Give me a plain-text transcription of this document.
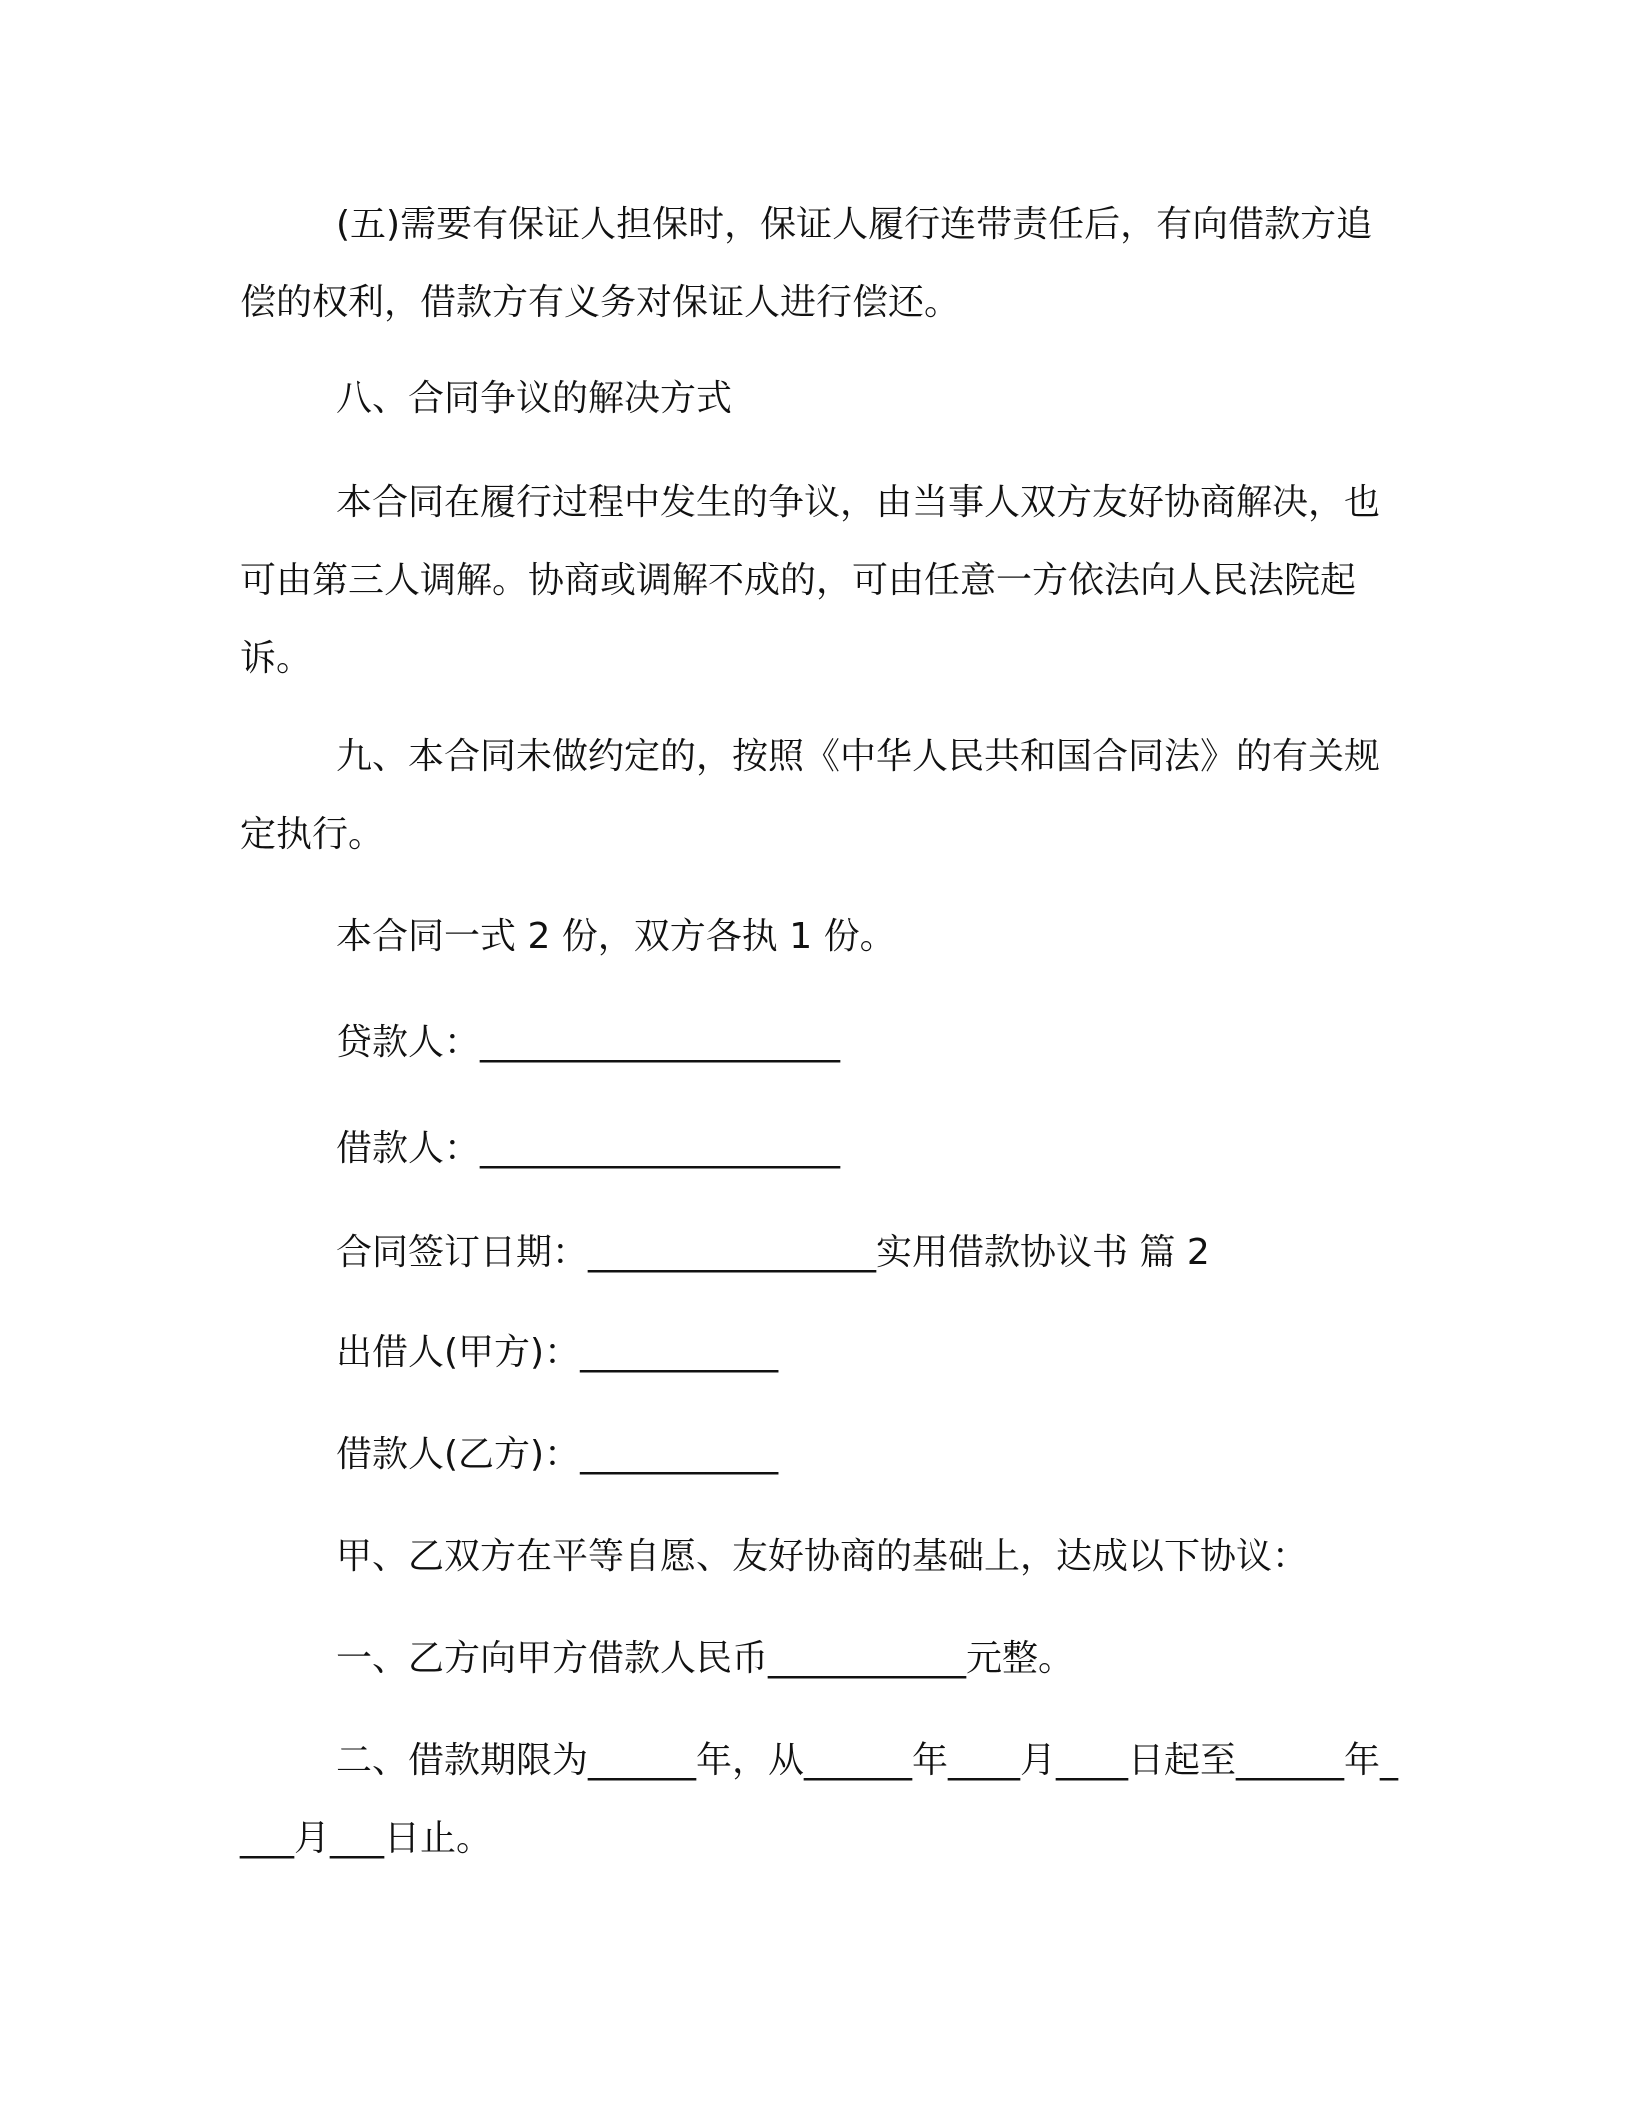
(五)需要有保证人担保时，保证人履行连带责任后，有向借款方追偿的权利，借款方有义务对保证人进行偿还。

八、合同争议的解决方式

本合同在履行过程中发生的争议，由当事人双方友好协商解决，也可由第三人调解。协商或调解不成的，可由任意一方依法向人民法院起诉。

九、本合同未做约定的，按照《中华人民共和国合同法》的有关规定执行。

本合同一式 2 份，双方各执 1 份。

贷款人：____________________

借款人：____________________

合同签订日期：________________实用借款协议书 篇 2

出借人(甲方)：___________

借款人(乙方)：___________

甲、乙双方在平等自愿、友好协商的基础上，达成以下协议：

一、乙方向甲方借款人民币___________元整。

二、借款期限为______年，从______年____月____日起至______年____月___日止。
